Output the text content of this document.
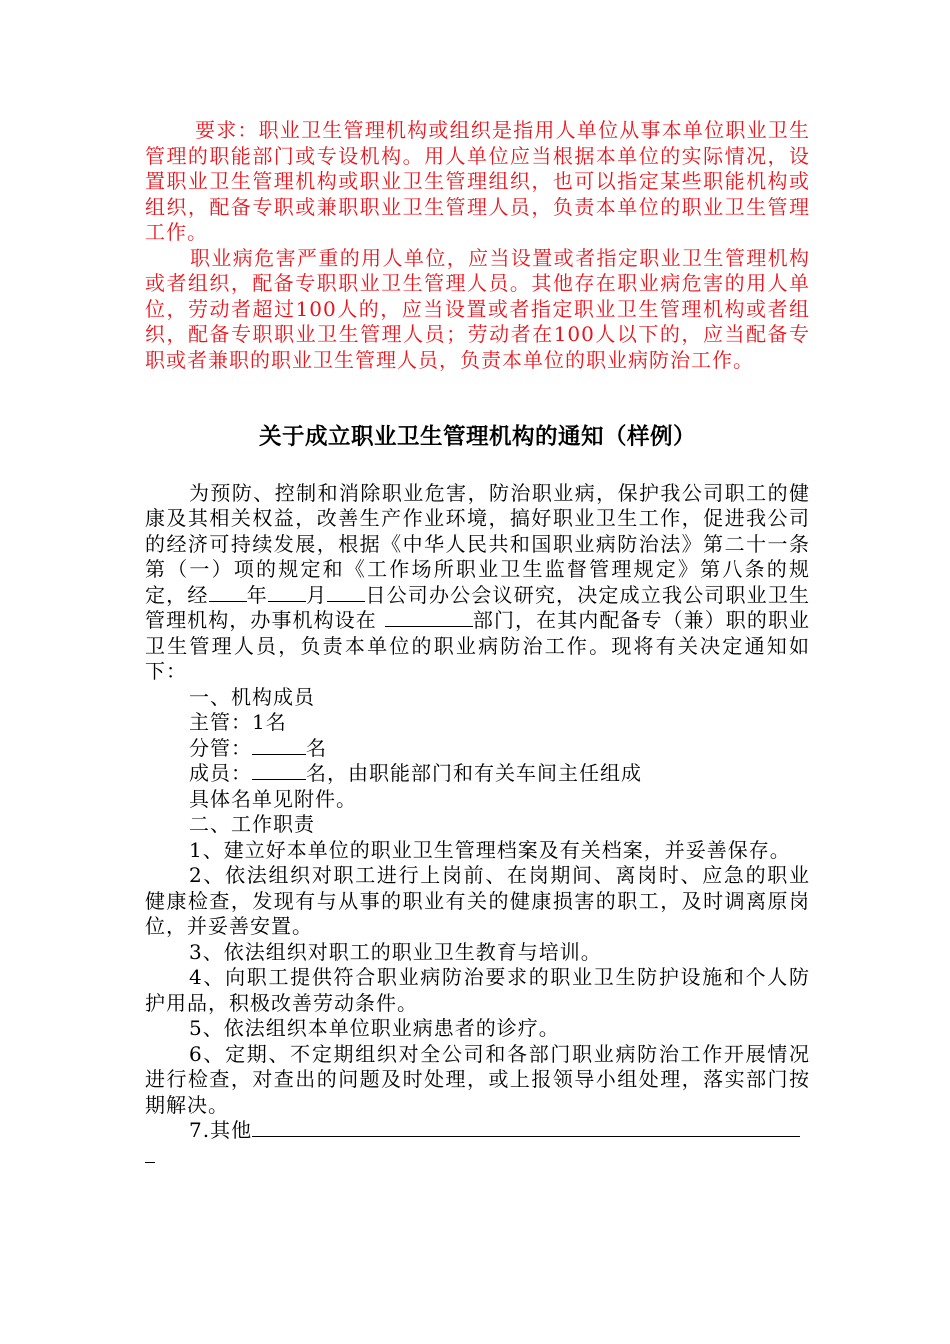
要求：职业卫生管理机构或组织是指用人单位从事本单位职业卫生管理的职能部门或专设机构。用人单位应当根据本单位的实际情况，设置职业卫生管理机构或职业卫生管理组织，也可以指定某些职能机构或组织，配备专职或兼职职业卫生管理人员，负责本单位的职业卫生管理工作。

职业病危害严重的用人单位，应当设置或者指定职业卫生管理机构或者组织，配备专职职业卫生管理人员。其他存在职业病危害的用人单位，劳动者超过100人的，应当设置或者指定职业卫生管理机构或者组织，配备专职职业卫生管理人员；劳动者在100人以下的，应当配备专职或者兼职的职业卫生管理人员，负责本单位的职业病防治工作。

关于成立职业卫生管理机构的通知（样例）

为预防、控制和消除职业危害，防治职业病，保护我公司职工的健康及其相关权益，改善生产作业环境，搞好职业卫生工作，促进我公司的经济可持续发展，根据《中华人民共和国职业病防治法》第二十一条第（一）项的规定和《工作场所职业卫生监督管理规定》第八条的规定，经 年 月 日公司办公会议研究，决定成立我公司职业卫生管理机构，办事机构设在	部门，在其内配备专（兼）职的职业卫生管理人员，负责本单位的职业病防治工作。现将有关决定通知如下：

一、机构成员

主管：1名

分管：	名

成员：	名，由职能部门和有关车间主任组成

具体名单见附件。

二、工作职责

1、建立好本单位的职业卫生管理档案及有关档案，并妥善保存。

2、依法组织对职工进行上岗前、在岗期间、离岗时、应急的职业健康检查，发现有与从事的职业有关的健康损害的职工，及时调离原岗位，并妥善安置。

3、依法组织对职工的职业卫生教育与培训。

4、向职工提供符合职业病防治要求的职业卫生防护设施和个人防护用品，积极改善劳动条件。

5、依法组织本单位职业病患者的诊疗。

6、定期、不定期组织对全公司和各部门职业病防治工作开展情况进行检查，对查出的问题及时处理，或上报领导小组处理，落实部门按期解决。

7.其他
